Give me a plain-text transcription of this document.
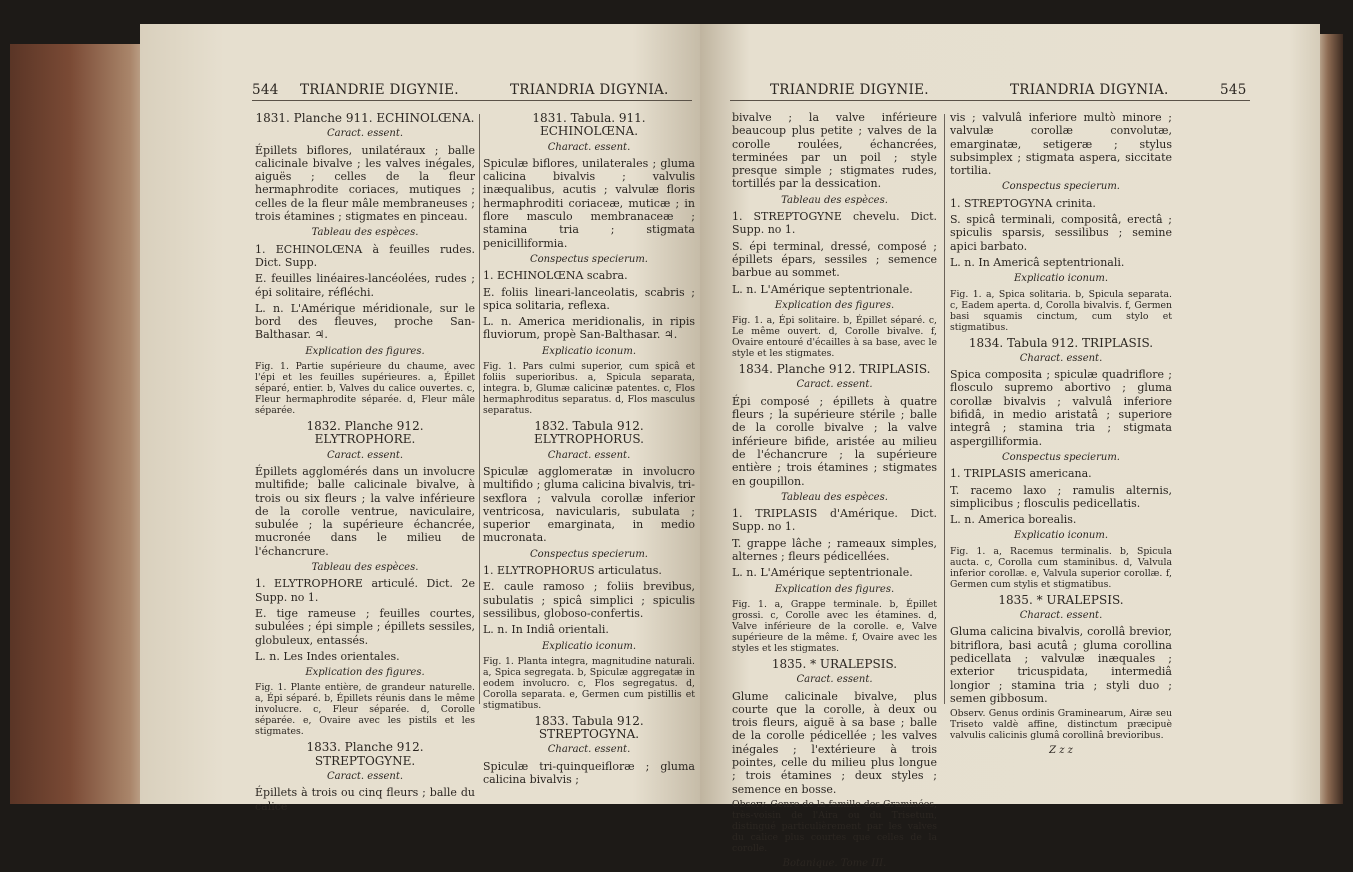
544 TRIANDRIE DIGYNIE.	TRIANDRIA DIGYNIA.
1831. Planche 911. ECHINOLŒNA.
Caract. essent.
Épillets biflores, unilatéraux ; balle calicinale bivalve ; les valves inégales, aiguës ; celles de la fleur hermaphrodite coriaces, mutiques ; celles de la fleur mâle membraneuses ; trois étamines ; stigmates en pinceau.
Tableau des espèces.
1. ECHINOLŒNA à feuilles rudes. Dict. Supp.
E. feuilles linéaires-lancéolées, rudes ; épi solitaire, réfléchi.
L. n. L'Amérique méridionale, sur le bord des fleuves, proche San-Balthasar. ♃.
Explication des figures.
Fig. 1. Partie supérieure du chaume, avec l'épi et les feuilles supérieures. a, Épillet séparé, entier. b, Valves du calice ouvertes. c, Fleur hermaphrodite séparée. d, Fleur mâle séparée.
1832. Planche 912. ELYTROPHORE.
Caract. essent.
Épillets agglomérés dans un involucre multifide; balle calicinale bivalve, à trois ou six fleurs ; la valve inférieure de la corolle ventrue, naviculaire, subulée ; la supérieure échancrée, mucronée dans le milieu de l'échancrure.
Tableau des espèces.
1. ELYTROPHORE articulé. Dict. 2e Supp. no 1.
E. tige rameuse ; feuilles courtes, subulées ; épi simple ; épillets sessiles, globuleux, entassés.
L. n. Les Indes orientales.
Explication des figures.
Fig. 1. Plante entière, de grandeur naturelle. a, Épi séparé. b, Épillets réunis dans le même involucre. c, Fleur séparée. d, Corolle séparée. e, Ovaire avec les pistils et les stigmates.
1833. Planche 912. STREPTOGYNE.
Caract. essent.
Épillets à trois ou cinq fleurs ; balle du calice
1831. Tabula. 911. ECHINOLŒNA.
Charact. essent.
Spiculæ biflores, unilaterales ; gluma calicina bivalvis ; valvulis inæqualibus, acutis ; valvulæ floris hermaphroditi coriaceæ, muticæ ; in flore masculo membranaceæ ; stamina tria ; stigmata penicilliformia.
Conspectus specierum.
1. ECHINOLŒNA scabra.
E. foliis lineari-lanceolatis, scabris ; spica solitaria, reflexa.
L. n. America meridionalis, in ripis fluviorum, propè San-Balthasar. ♃.
Explicatio iconum.
Fig. 1. Pars culmi superior, cum spicâ et foliis superioribus. a, Spicula separata, integra. b, Glumæ calicinæ patentes. c, Flos hermaphroditus separatus. d, Flos masculus separatus.
1832. Tabula 912. ELYTROPHORUS.
Charact. essent.
Spiculæ agglomeratæ in involucro multifido ; gluma calicina bivalvis, tri-sexflora ; valvula corollæ inferior ventricosa, navicularis, subulata ; superior emarginata, in medio mucronata.
Conspectus specierum.
1. ELYTROPHORUS articulatus.
E. caule ramoso ; foliis brevibus, subulatis ; spicâ simplici ; spiculis sessilibus, globoso-confertis.
L. n. In Indiâ orientali.
Explicatio iconum.
Fig. 1. Planta integra, magnitudine naturali. a, Spica segregata. b, Spiculæ aggregatæ in eodem involucro. c, Flos segregatus. d, Corolla separata. e, Germen cum pistillis et stigmatibus.
1833. Tabula 912. STREPTOGYNA.
Charact. essent.
Spiculæ tri-quinqueifloræ ; gluma calicina bivalvis ;
TRIANDRIE DIGYNIE.	TRIANDRIA DIGYNIA.	545
bivalve ; la valve inférieure beaucoup plus petite ; valves de la corolle roulées, échancrées, terminées par un poil ; style presque simple ; stigmates rudes, tortillés par la dessication.
Tableau des espèces.
1. STREPTOGYNE chevelu. Dict. Supp. no 1.
S. épi terminal, dressé, composé ; épillets épars, sessiles ; semence barbue au sommet.
L. n. L'Amérique septentrionale.
Explication des figures.
Fig. 1. a, Épi solitaire. b, Épillet séparé. c, Le même ouvert. d, Corolle bivalve. f, Ovaire entouré d'écailles à sa base, avec le style et les stigmates.
1834. Planche 912. TRIPLASIS.
Caract. essent.
Épi composé ; épillets à quatre fleurs ; la supérieure stérile ; balle de la corolle bivalve ; la valve inférieure bifide, aristée au milieu de l'échancrure ; la supérieure entière ; trois étamines ; stigmates en goupillon.
Tableau des espèces.
1. TRIPLASIS d'Amérique. Dict. Supp. no 1.
T. grappe lâche ; rameaux simples, alternes ; fleurs pédicellées.
L. n. L'Amérique septentrionale.
Explication des figures.
Fig. 1. a, Grappe terminale. b, Épillet grossi. c, Corolle avec les étamines. d, Valve inférieure de la corolle. e, Valve supérieure de la même. f, Ovaire avec les styles et les stigmates.
1835. * URALEPSIS.
Caract. essent.
Glume calicinale bivalve, plus courte que la corolle, à deux ou trois fleurs, aiguë à sa base ; balle de la corolle pédicellée ; les valves inégales ; l'extérieure à trois pointes, celle du milieu plus longue ; trois étamines ; deux styles ; semence en bosse.
Observ. Genre de la famille des Graminées, très-voisin de l'Aira ou du Trisetum, distingué particulièrement par les valves du calice plus courtes que celles de la corolle.
Botanique. Tome III.
vis ; valvulâ inferiore multò minore ; valvulæ corollæ convolutæ, emarginatæ, setigeræ ; stylus subsimplex ; stigmata aspera, siccitate tortilia.
Conspectus specierum.
1. STREPTOGYNA crinita.
S. spicâ terminali, compositâ, erectâ ; spiculis sparsis, sessilibus ; semine apici barbato.
L. n. In Americâ septentrionali.
Explicatio iconum.
Fig. 1. a, Spica solitaria. b, Spicula separata. c, Eadem aperta. d, Corolla bivalvis. f, Germen basi squamis cinctum, cum stylo et stigmatibus.
1834. Tabula 912. TRIPLASIS.
Charact. essent.
Spica composita ; spiculæ quadriflore ; flosculo supremo abortivo ; gluma corollæ bivalvis ; valvulâ inferiore bifidâ, in medio aristatâ ; superiore integrâ ; stamina tria ; stigmata aspergilliformia.
Conspectus specierum.
1. TRIPLASIS americana.
T. racemo laxo ; ramulis alternis, simplicibus ; flosculis pedicellatis.
L. n. America borealis.
Explicatio iconum.
Fig. 1. a, Racemus terminalis. b, Spicula aucta. c, Corolla cum staminibus. d, Valvula inferior corollæ. e, Valvula superior corollæ. f, Germen cum stylis et stigmatibus.
1835. * URALEPSIS.
Charact. essent.
Gluma calicina bivalvis, corollâ brevior, bitriflora, basi acutâ ; gluma corollina pedicellata ; valvulæ inæquales ; exterior tricuspidata, intermediâ longior ; stamina tria ; styli duo ; semen gibbosum.
Observ. Genus ordinis Graminearum, Airæ seu Triseto valdè affine, distinctum præcipuè valvulis calicinis glumâ corollinâ brevioribus.
Z z z
